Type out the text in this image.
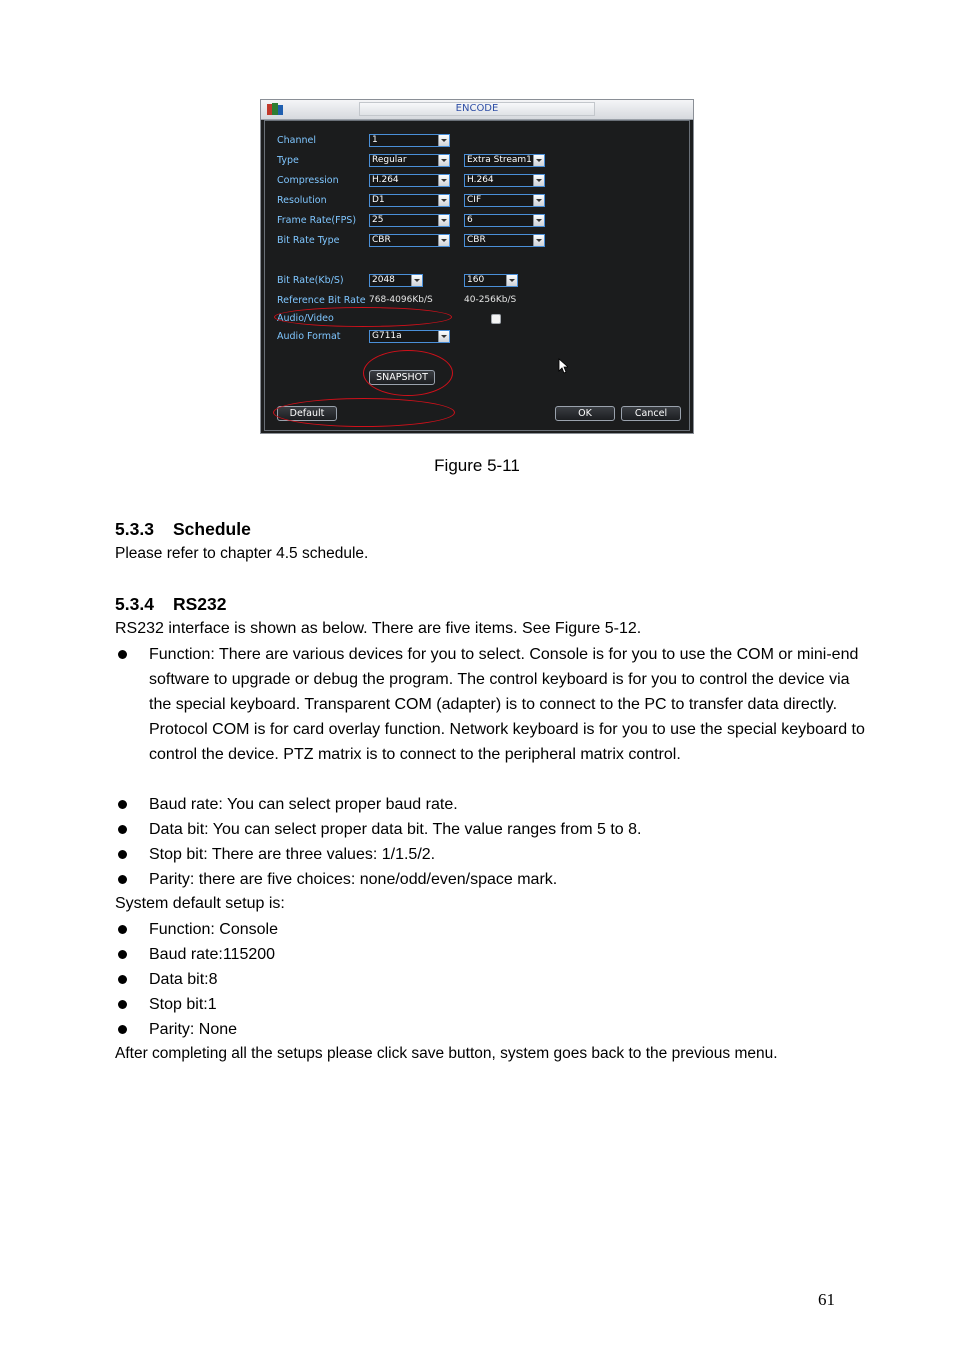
ENCODE
Channel
Type
Compression
Resolution
Frame Rate(FPS)
Bit Rate Type
Bit Rate(Kb/S)
Reference Bit Rate
Audio/Video
Audio Format
1
Regular
H.264
D1
25
CBR
2048
768-4096Kb/S
G711a
Extra Stream1
H.264
CIF
6
CBR
160
40-256Kb/S
SNAPSHOT
Default	OK	Cancel
Figure 5-11
5.3.3 Schedule
Please refer to chapter 4.5 schedule.
5.3.4 RS232
RS232 interface is shown as below. There are five items. See Figure 5-12.
Function: There are various devices for you to select. Console is for you to use the COM or mini-end software to upgrade or debug the program. The control keyboard is for you to control the device via the special keyboard. Transparent COM (adapter) is to connect to the PC to transfer data directly. Protocol COM is for card overlay function. Network keyboard is for you to use the special keyboard to control the device. PTZ matrix is to connect to the peripheral matrix control.
Baud rate: You can select proper baud rate.
Data bit: You can select proper data bit. The value ranges from 5 to 8.
Stop bit: There are three values: 1/1.5/2.
Parity: there are five choices: none/odd/even/space mark.
System default setup is:
Function: Console
Baud rate:115200
Data bit:8
Stop bit:1
Parity: None
After completing all the setups please click save button, system goes back to the previous menu.
61
